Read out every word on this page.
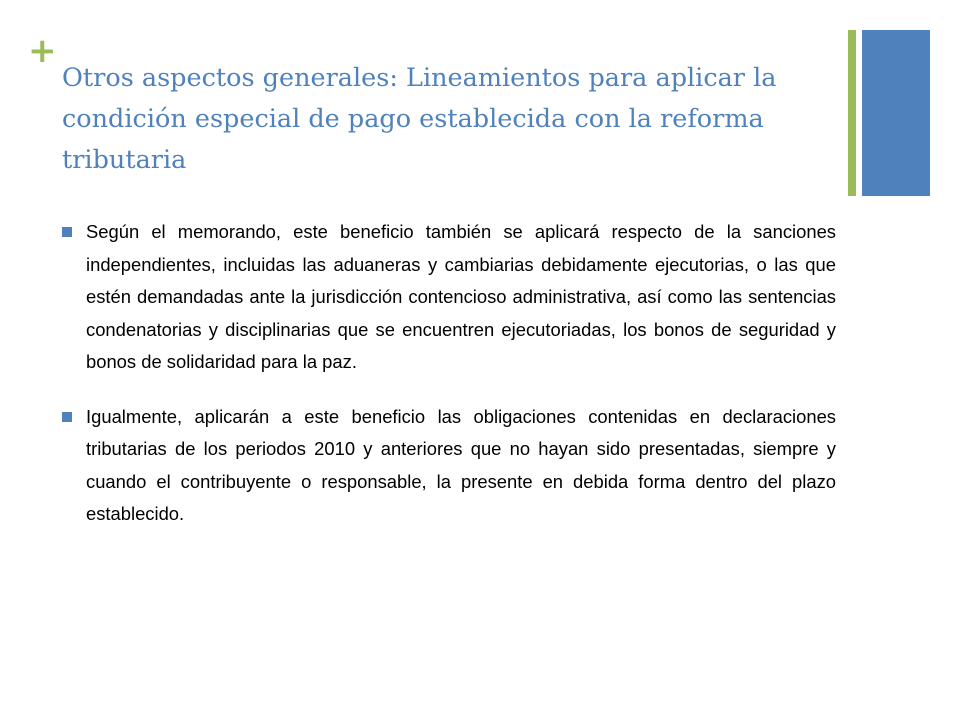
+
Otros aspectos generales: Lineamientos para aplicar la condición especial de pago establecida con la reforma tributaria
Según el memorando, este beneficio también se aplicará respecto de la sanciones independientes, incluidas las aduaneras y cambiarias debidamente ejecutorias, o las que estén demandadas ante la jurisdicción contencioso administrativa, así como las sentencias condenatorias y disciplinarias que se encuentren ejecutoriadas, los bonos de seguridad y bonos de solidaridad para la paz.
Igualmente, aplicarán a este beneficio las obligaciones contenidas en declaraciones tributarias de los periodos 2010 y anteriores que no hayan sido presentadas, siempre y cuando el contribuyente o responsable, la presente en debida forma dentro del plazo establecido.
